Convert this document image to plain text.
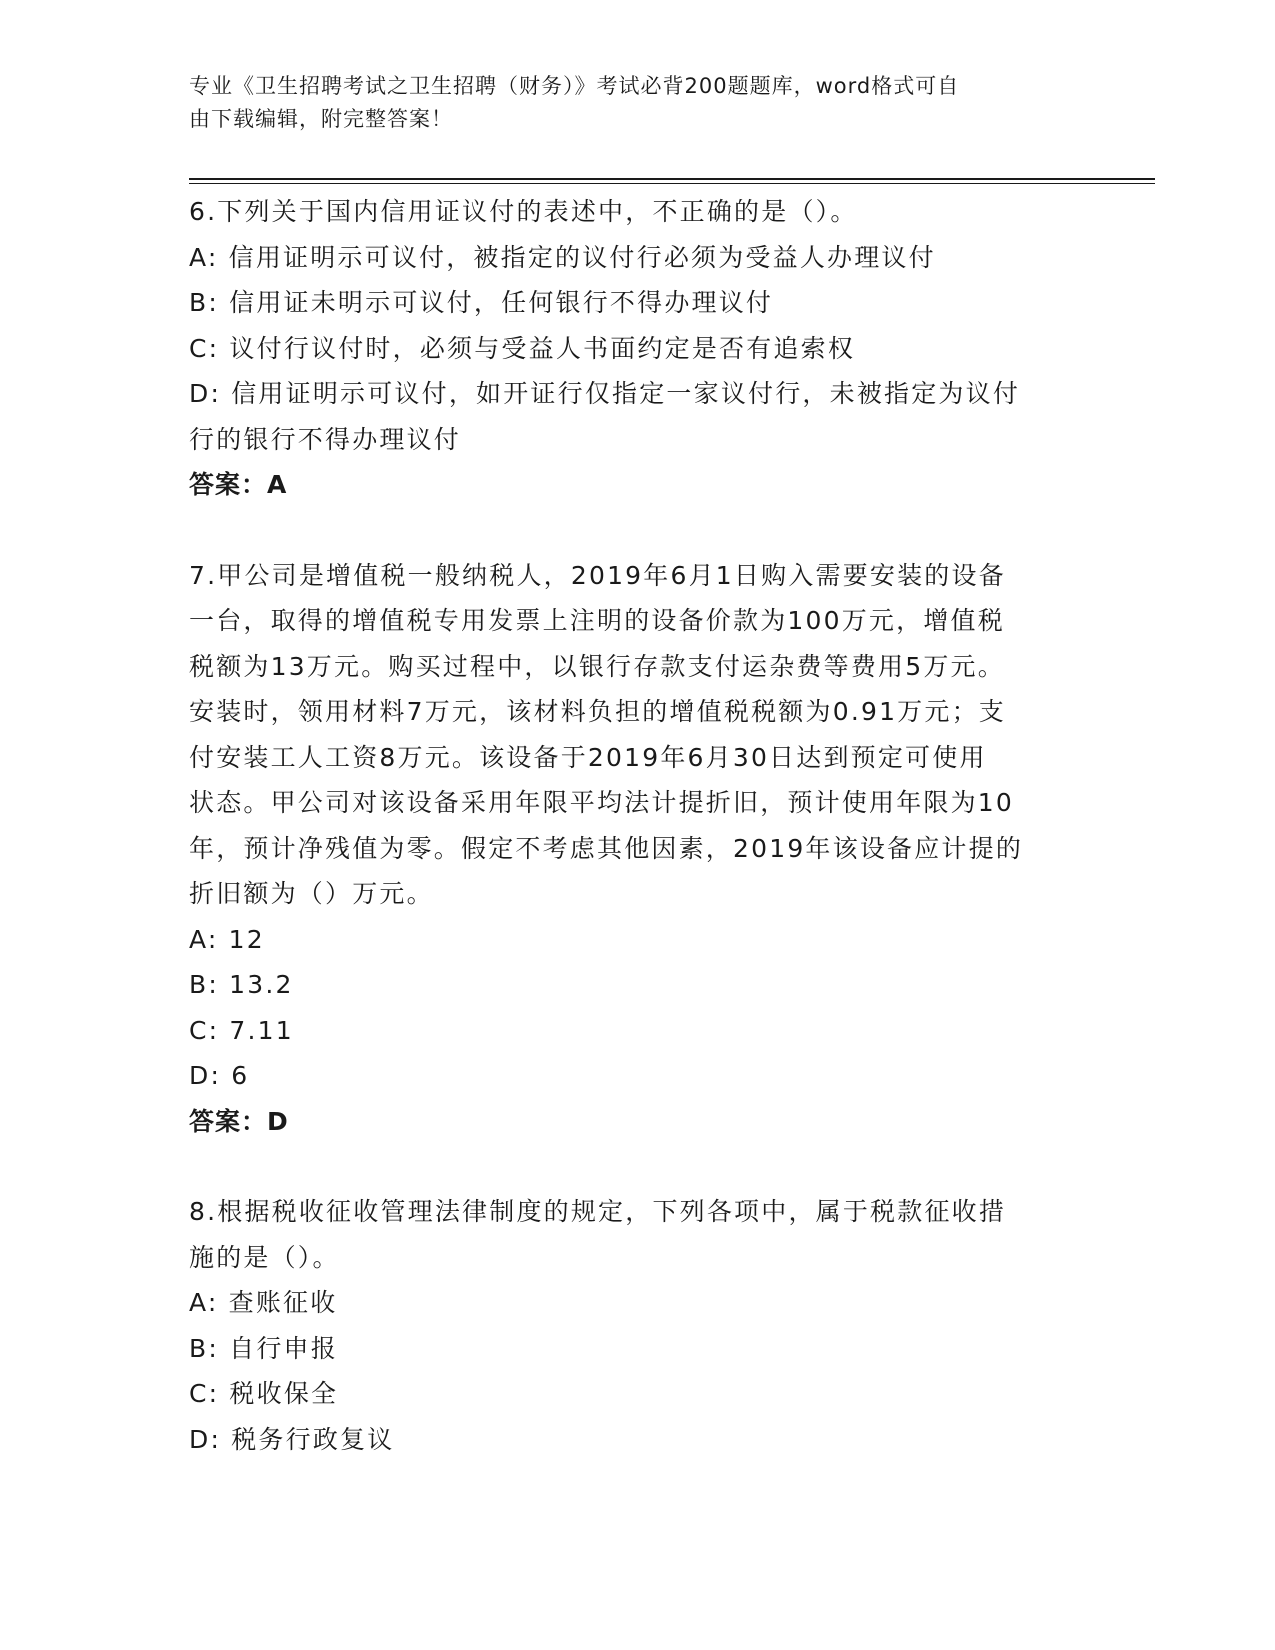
专业《卫生招聘考试之卫生招聘（财务）》考试必背200题题库，word格式可自
由下载编辑，附完整答案！
6.下列关于国内信用证议付的表述中，不正确的是（）。
A: 信用证明示可议付，被指定的议付行必须为受益人办理议付
B: 信用证未明示可议付，任何银行不得办理议付
C: 议付行议付时，必须与受益人书面约定是否有追索权
D: 信用证明示可议付，如开证行仅指定一家议付行，未被指定为议付
行的银行不得办理议付
答案：A
7.甲公司是增值税一般纳税人，2019年6月1日购入需要安装的设备
一台，取得的增值税专用发票上注明的设备价款为100万元，增值税
税额为13万元。购买过程中，以银行存款支付运杂费等费用5万元。
安装时，领用材料7万元，该材料负担的增值税税额为0.91万元；支
付安装工人工资8万元。该设备于2019年6月30日达到预定可使用
状态。甲公司对该设备采用年限平均法计提折旧，预计使用年限为10
年，预计净残值为零。假定不考虑其他因素，2019年该设备应计提的
折旧额为（）万元。
A: 12
B: 13.2
C: 7.11
D: 6
答案：D
8.根据税收征收管理法律制度的规定，下列各项中，属于税款征收措
施的是（）。
A: 查账征收
B: 自行申报
C: 税收保全
D: 税务行政复议
